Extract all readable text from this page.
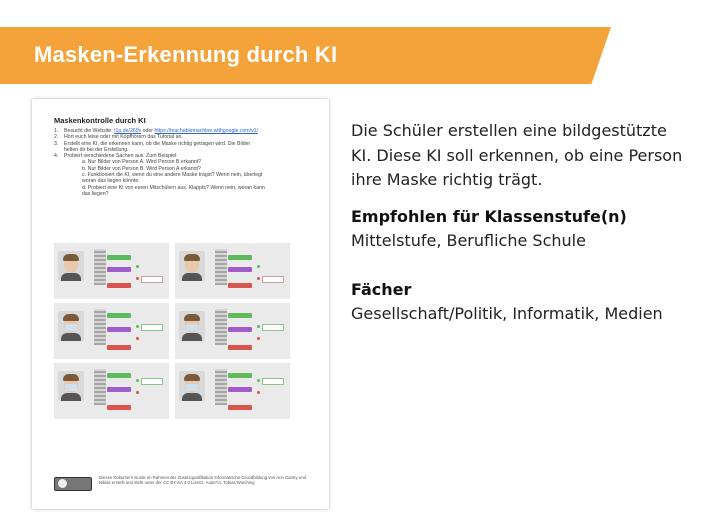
Masken-Erkennung durch KI
Maskenkontrolle durch KI
1. Besucht die Website: t1p.de/269v oder https://teachablemachine.withgoogle.com/v1/
2. Hört euch leise oder mit Kopfhörern das Tutorial an.
3. Erstellt eine KI, die erkennen kann, ob die Maske richtig getragen wird. Die Bilder
helfen dir bei der Erstellung.
4. Probiert verschiedene Sachen aus. Zum Beispiel:
a. Nur Bilder von Person A. Wird Person B erkannt?
b. Nur Bilder von Person B. Wird Person A erkannt?
c. Funktioniert die KI, wenn du eine andere Maske trägst? Wenn nein, überlegt
woran das liegen könnte.
d. Probiert eine KI von euren Mitschülern aus. Klappts? Wenn nein, woran kann
das liegen?
Dieses Dokument wurde im Rahmen der Zusatzqualifikation Informatische Grundbildung von Ann Cartey und Niklas erstellt und steht unter der CC BY-SA 4.0 Lizenz. Autor*in: Tobias Wieching
Die Schüler erstellen eine bildgestützte KI. Diese KI soll erkennen, ob eine Person ihre Maske richtig trägt.
Empfohlen für Klassenstufe(n)
Mittelstufe, Berufliche Schule
Fächer
Gesellschaft/Politik, Informatik, Medien
